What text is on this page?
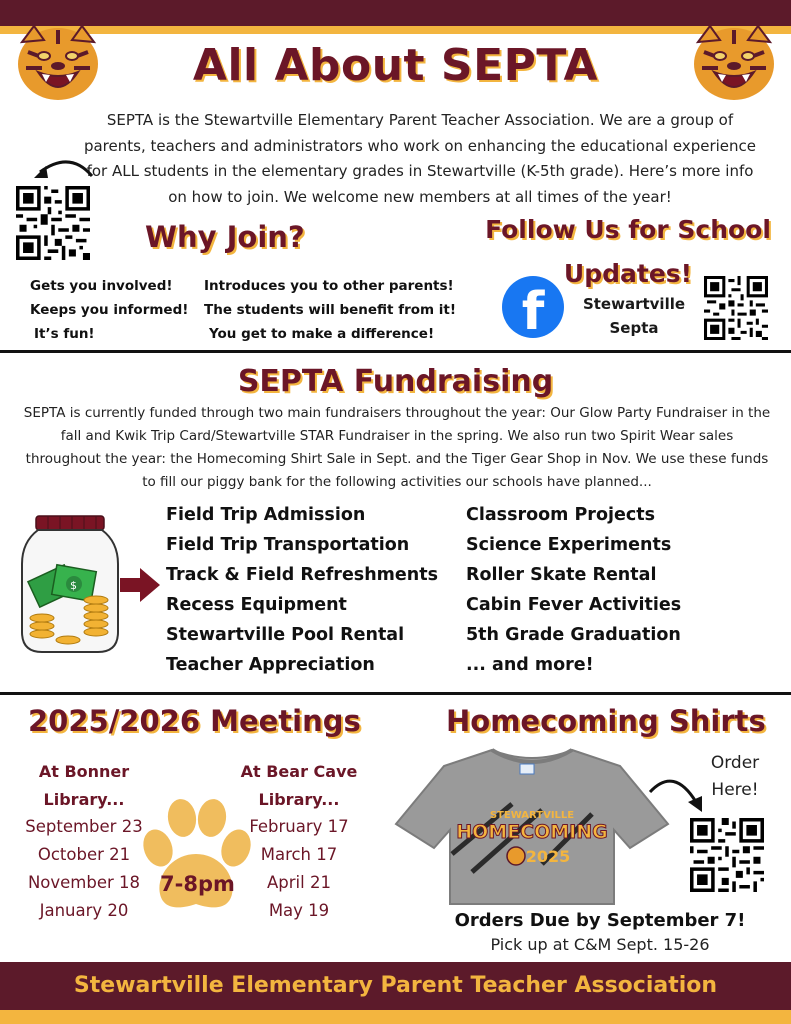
All About SEPTA
SEPTA is the Stewartville Elementary Parent Teacher Association. We are a group of parents, teachers and administrators who work on enhancing the educational experience for ALL students in the elementary grades in Stewartville (K-5th grade). Here’s more info on how to join. We welcome new members at all times of the year!
Why Join?
Gets you involved!
Keeps you informed!
It’s fun!
Introduces you to other parents!
The students will benefit from it!
You get to make a difference!
Follow Us for School Updates!
f	Stewartville
Septa
SEPTA Fundraising
SEPTA is currently funded through two main fundraisers throughout the year: Our Glow Party Fundraiser in the fall and Kwik Trip Card/Stewartville STAR Fundraiser in the spring. We also run two Spirit Wear sales throughout the year: the Homecoming Shirt Sale in Sept. and the Tiger Gear Shop in Nov. We use these funds to fill our piggy bank for the following activities our schools have planned...
$
Field Trip Admission
Field Trip Transportation
Track & Field Refreshments
Recess Equipment
Stewartville Pool Rental
Teacher Appreciation
Classroom Projects
Science Experiments
Roller Skate Rental
Cabin Fever Activities
5th Grade Graduation
... and more!
2025/2026 Meetings
At Bonner
Library...
September 23
October 21
November 18
January 20
At Bear Cave
Library...
February 17
March 17
April 21
May 19
7-8pm
Homecoming Shirts
STEWARTVILLE
HOMECOMING
2025
Order
Here!
Orders Due by September 7!
Pick up at C&M Sept. 15-26
Stewartville Elementary Parent Teacher Association
